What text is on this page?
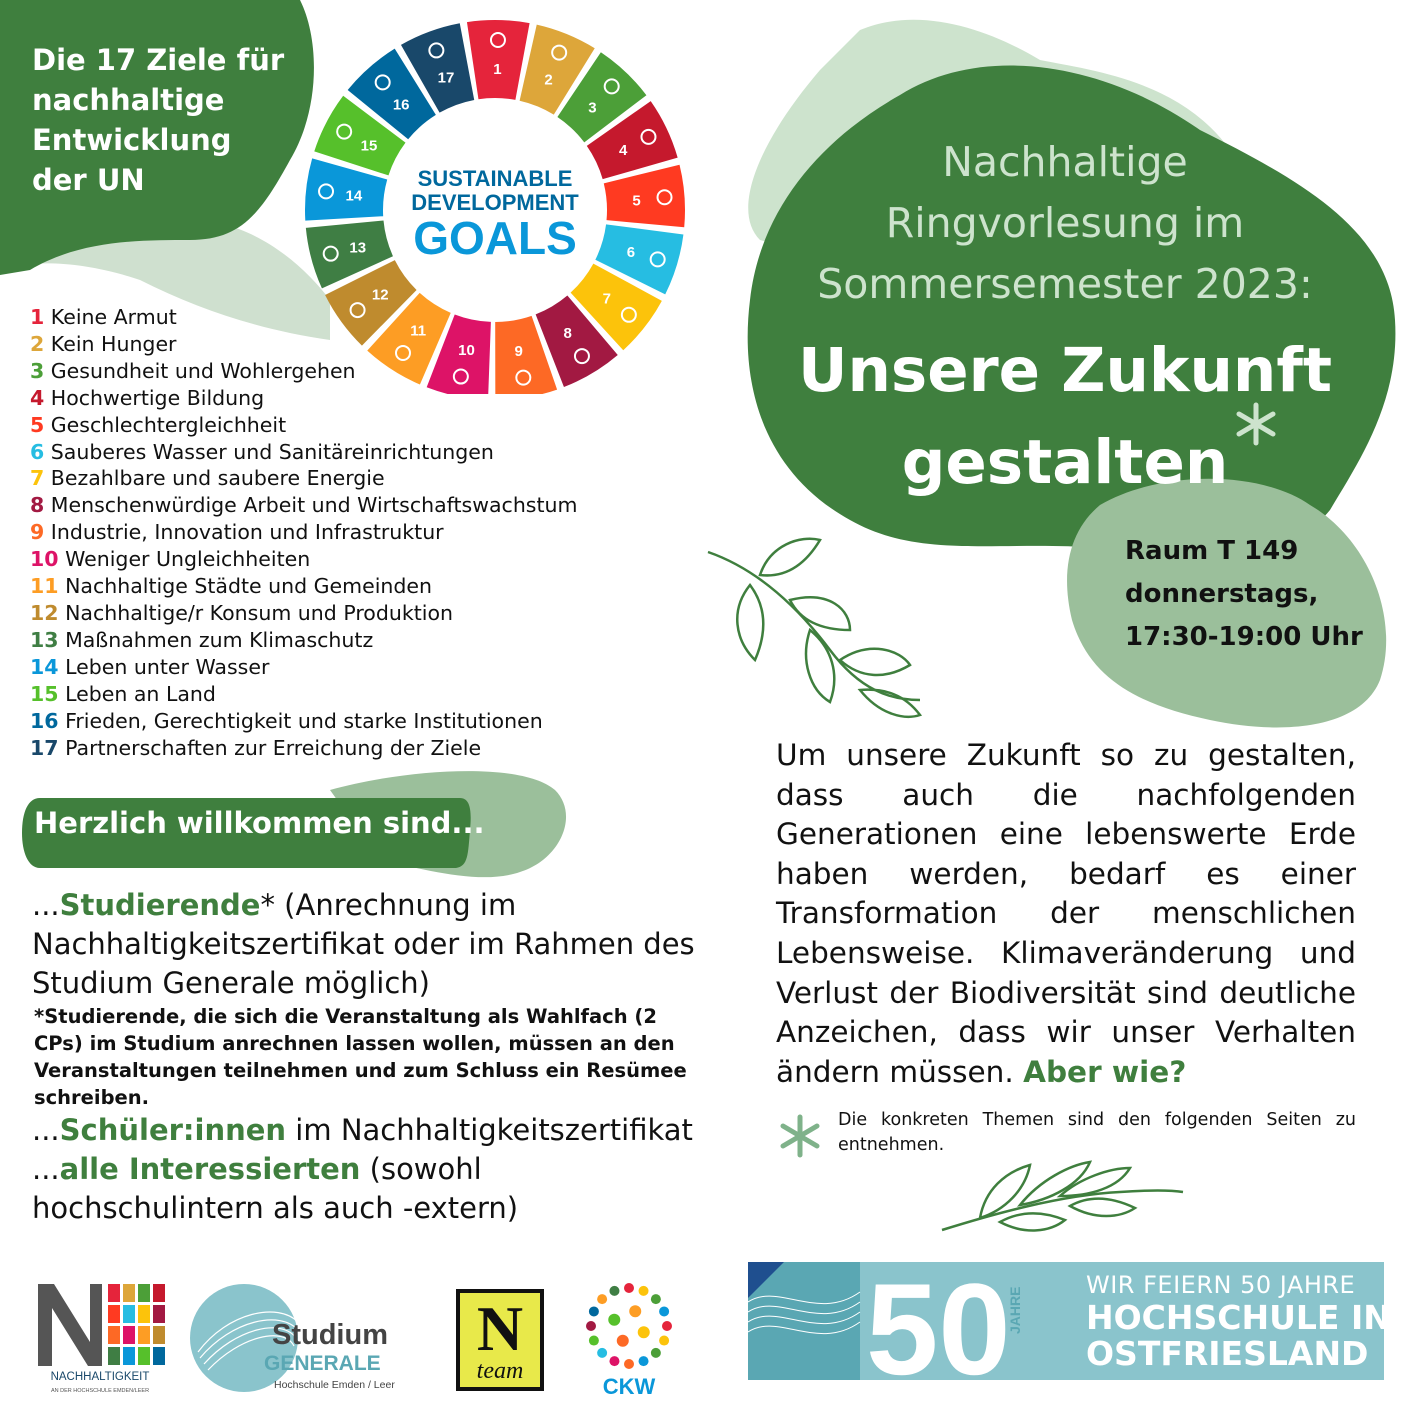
1
2
3
4
5
6
7
8
9
10
11
12
13
14
15
16
17
SUSTAINABLE
DEVELOPMENT
GOALS
Die 17 Ziele für nachhaltige Entwicklung der UN
1 Keine Armut
2 Kein Hunger
3 Gesundheit und Wohlergehen
4 Hochwertige Bildung
5 Geschlechtergleichheit
6 Sauberes Wasser und Sanitäreinrichtungen
7 Bezahlbare und saubere Energie
8 Menschenwürdige Arbeit und Wirtschaftswachstum
9 Industrie, Innovation und Infrastruktur
10 Weniger Ungleichheiten
11 Nachhaltige Städte und Gemeinden
12 Nachhaltige/r Konsum und Produktion
13 Maßnahmen zum Klimaschutz
14 Leben unter Wasser
15 Leben an Land
16 Frieden, Gerechtigkeit und starke Institutionen
17 Partnerschaften zur Erreichung der Ziele
Herzlich willkommen sind...
...Studierende* (Anrechnung im Nachhaltigkeitszertifikat oder im Rahmen des Studium Generale möglich)
*Studierende, die sich die Veranstaltung als Wahlfach (2 CPs) im Studium anrechnen lassen wollen, müssen an den Veranstaltungen teilnehmen und zum Schluss ein Resümee schreiben.
...Schüler:innen im Nachhaltigkeitszertifikat
...alle Interessierten (sowohl hochschulintern als auch -extern)
Nachhaltige
Ringvorlesung im
Sommersemester 2023:
Unsere Zukunft
gestalten
Raum T 149
donnerstags,
17:30-19:00 Uhr
Um unsere Zukunft so zu gestalten, dass auch die nachfolgenden Generationen eine lebenswerte Erde haben werden, bedarf es einer Transformation der menschlichen Lebensweise. Klimaveränderung und Verlust der Biodiversität sind deutliche Anzeichen, dass wir unser Verhalten ändern müssen. Aber wie?
Die konkreten Themen sind den folgenden Seiten zu entnehmen.
NACHHALTIGKEIT
AN DER HOCHSCHULE EMDEN/LEER
Studium
GENERALE
Hochschule Emden / Leer
N
team
CKW 50
JAHRE
WIR FEIERN 50 JAHRE
HOCHSCHULE IN
OSTFRIESLAND
